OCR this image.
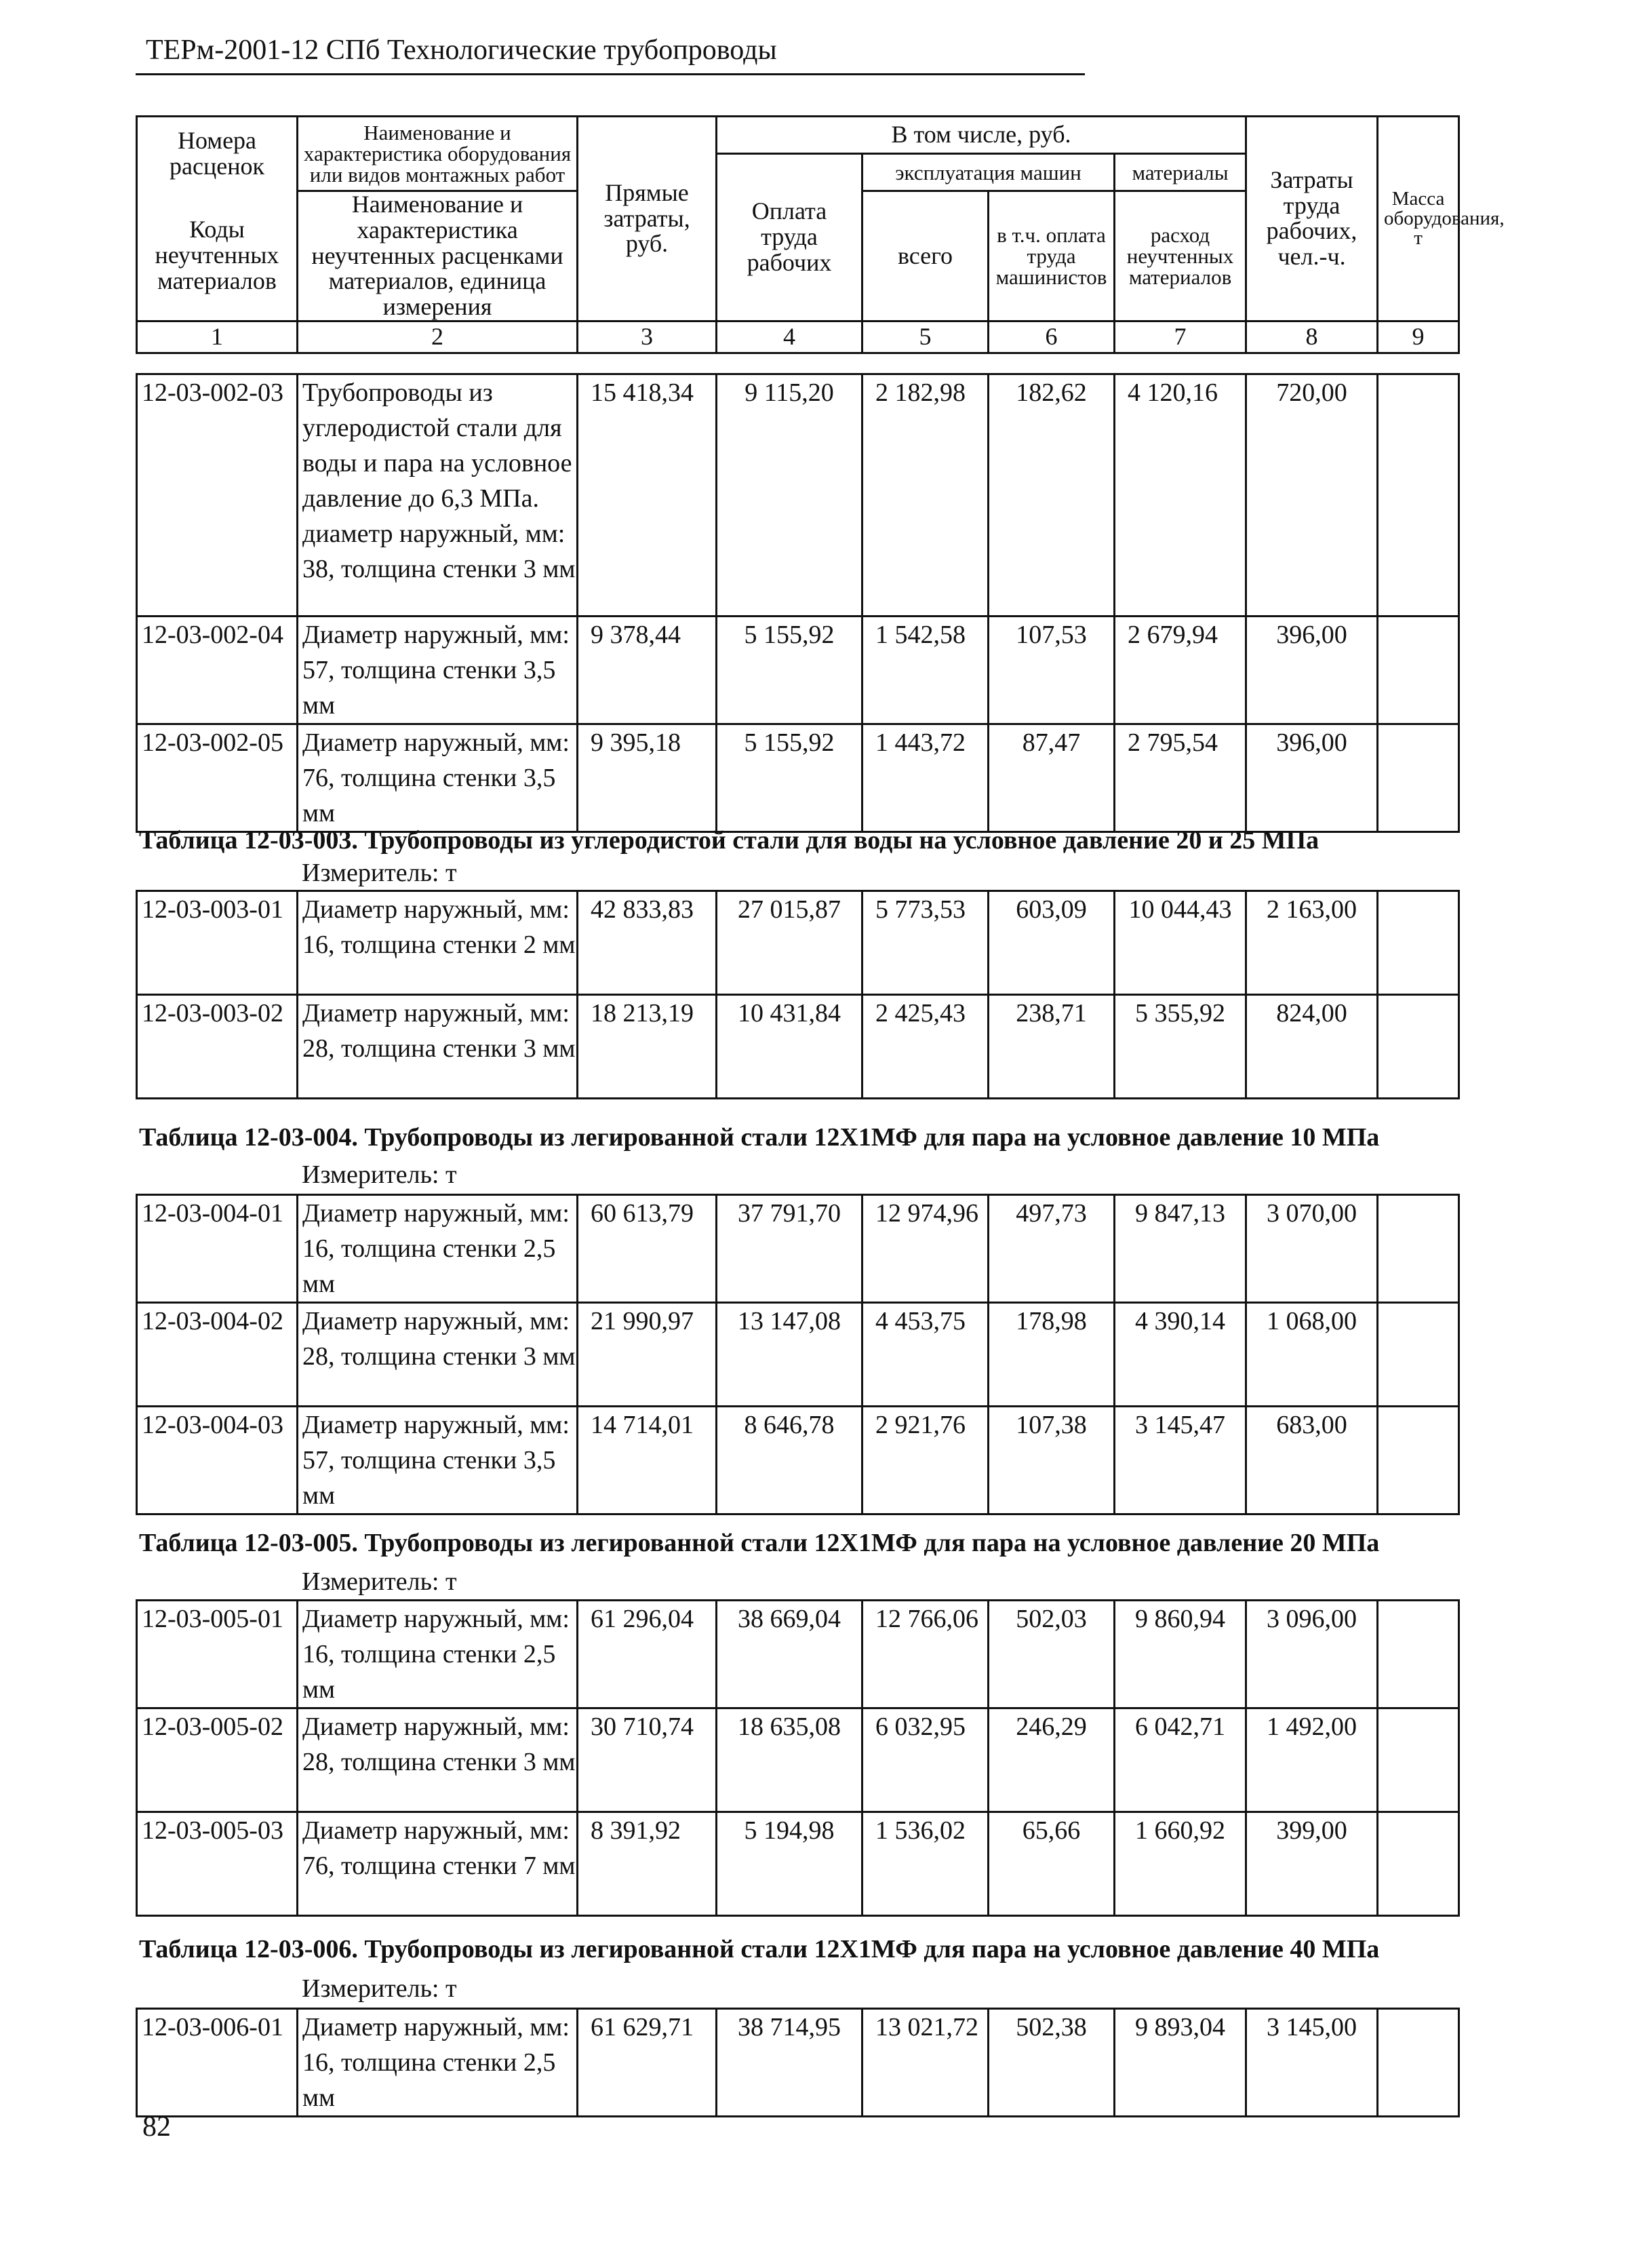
ТЕРм-2001-12 СПб Технологические трубопроводы
Номера расценок	Наименование и характеристика оборудования или видов монтажных работ	Прямые затраты, руб.	В том числе, руб.				Затраты труда рабочих, чел.-ч.	Масса оборудования, т
			Оплата труда рабочих	эксплуатация машин		материалы		
Коды неучтенных материалов	Наименование и характеристика неучтенных расценками материалов, единица измерения			всего	в т.ч. оплата труда машинистов	расход неучтенных материалов		

1	2	3	4	5	6	7	8	9
12-03-002-03	Трубопроводы из углеродистой стали для воды и пара на условное давление до 6,3 МПа. диаметр наружный, мм: 38, толщина стенки 3 мм	15 418,34	9 115,20	2 182,98	182,62	4 120,16	720,00	
12-03-002-04	Диаметр наружный, мм: 57, толщина стенки 3,5 мм	9 378,44	5 155,92	1 542,58	107,53	2 679,94	396,00	
12-03-002-05	Диаметр наружный, мм: 76, толщина стенки 3,5 мм	9 395,18	5 155,92	1 443,72	87,47	2 795,54	396,00	
Таблица 12-03-003. Трубопроводы из углеродистой стали для воды на условное давление 20 и 25 МПа
Измеритель: т
12-03-003-01	Диаметр наружный, мм: 16, толщина стенки 2 мм	42 833,83	27 015,87	5 773,53	603,09	10 044,43	2 163,00	
12-03-003-02	Диаметр наружный, мм: 28, толщина стенки 3 мм	18 213,19	10 431,84	2 425,43	238,71	5 355,92	824,00	
Таблица 12-03-004. Трубопроводы из легированной стали 12Х1МФ для пара на условное давление 10 МПа
Измеритель: т
12-03-004-01	Диаметр наружный, мм: 16, толщина стенки 2,5 мм	60 613,79	37 791,70	12 974,96	497,73	9 847,13	3 070,00	
12-03-004-02	Диаметр наружный, мм: 28, толщина стенки 3 мм	21 990,97	13 147,08	4 453,75	178,98	4 390,14	1 068,00	
12-03-004-03	Диаметр наружный, мм: 57, толщина стенки 3,5 мм	14 714,01	8 646,78	2 921,76	107,38	3 145,47	683,00	
Таблица 12-03-005. Трубопроводы из легированной стали 12Х1МФ для пара на условное давление 20 МПа
Измеритель: т
12-03-005-01	Диаметр наружный, мм: 16, толщина стенки 2,5 мм	61 296,04	38 669,04	12 766,06	502,03	9 860,94	3 096,00	
12-03-005-02	Диаметр наружный, мм: 28, толщина стенки 3 мм	30 710,74	18 635,08	6 032,95	246,29	6 042,71	1 492,00	
12-03-005-03	Диаметр наружный, мм: 76, толщина стенки 7 мм	8 391,92	5 194,98	1 536,02	65,66	1 660,92	399,00	
Таблица 12-03-006. Трубопроводы из легированной стали 12Х1МФ для пара на условное давление 40 МПа
Измеритель: т
12-03-006-01	Диаметр наружный, мм: 16, толщина стенки 2,5 мм	61 629,71	38 714,95	13 021,72	502,38	9 893,04	3 145,00	
82
